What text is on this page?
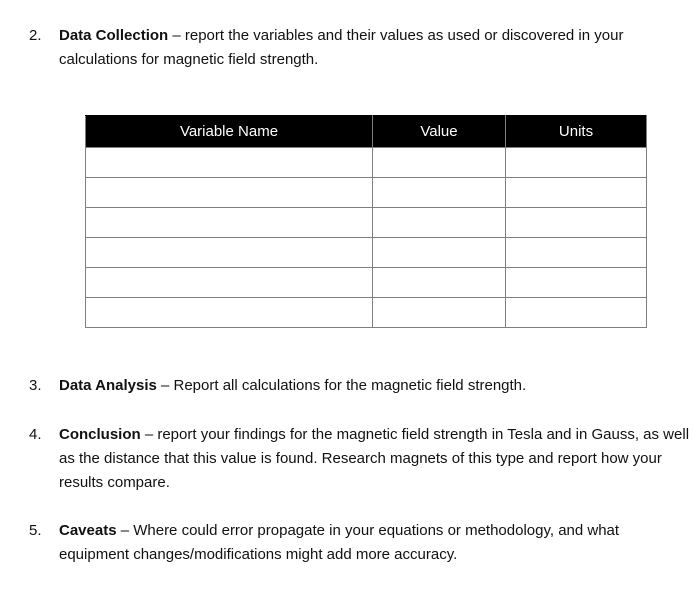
2.	Data Collection – report the variables and their values as used or discovered in your calculations for magnetic field strength.
Variable Name	Value	Units

3.	Data Analysis – Report all calculations for the magnetic field strength.
4.	Conclusion – report your findings for the magnetic field strength in Tesla and in Gauss, as well as the distance that this value is found. Research magnets of this type and report how your results compare.
5.	Caveats – Where could error propagate in your equations or methodology, and what equipment changes/modifications might add more accuracy.
